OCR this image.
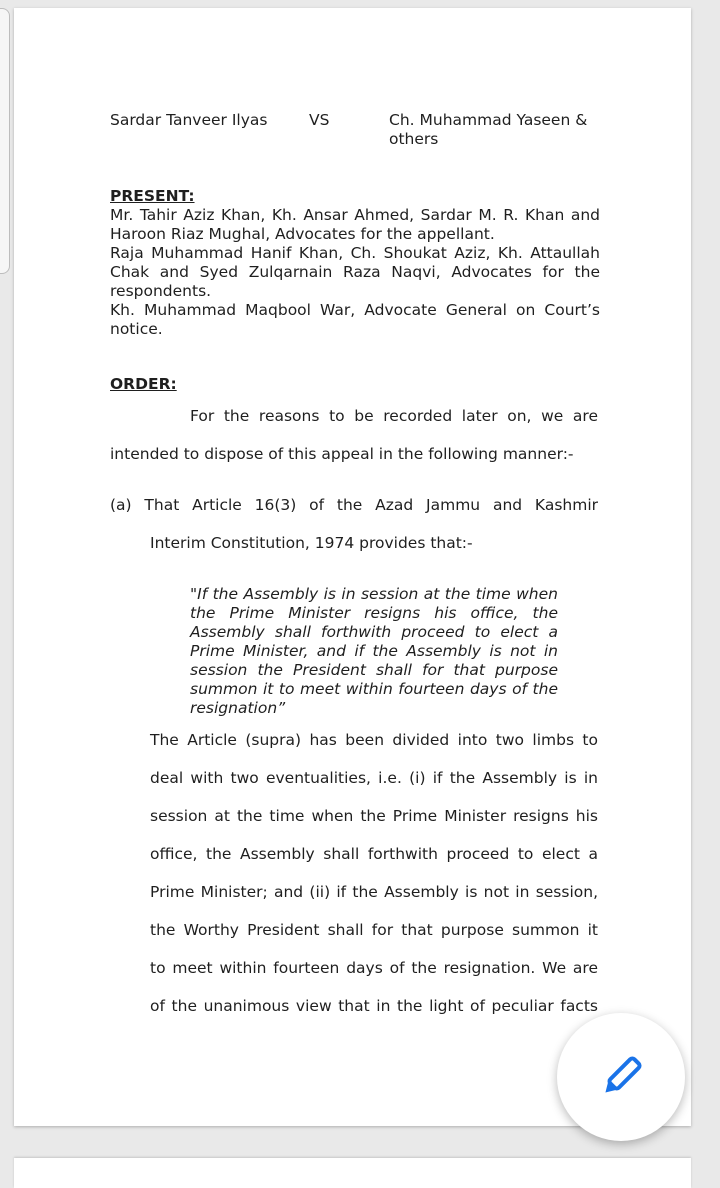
Sardar Tanveer Ilyas	VS	Ch. Muhammad Yaseen & others
PRESENT:

Mr. Tahir Aziz Khan, Kh. Ansar Ahmed, Sardar M. R. Khan and Haroon Riaz Mughal, Advocates for the appellant.

Raja Muhammad Hanif Khan, Ch. Shoukat Aziz, Kh. Attaullah Chak and Syed Zulqarnain Raza Naqvi, Advocates for the respondents.

Kh. Muhammad Maqbool War, Advocate General on Court’s notice.

ORDER:
For the reasons to be recorded later on, we are
intended to dispose of this appeal in the following manner:-
(a) That Article 16(3) of the Azad Jammu and Kashmir
Interim Constitution, 1974 provides that:-
"If the Assembly is in session at the time when the Prime Minister resigns his office, the Assembly shall forthwith proceed to elect a Prime Minister, and if the Assembly is not in session the President shall for that purpose summon it to meet within fourteen days of the resignation”
The Article (supra) has been divided into two limbs to
deal with two eventualities, i.e. (i) if the Assembly is in
session at the time when the Prime Minister resigns his
office, the Assembly shall forthwith proceed to elect a
Prime Minister; and (ii) if the Assembly is not in session,
the Worthy President shall for that purpose summon it
to meet within fourteen days of the resignation. We are
of the unanimous view that in the light of peculiar facts
